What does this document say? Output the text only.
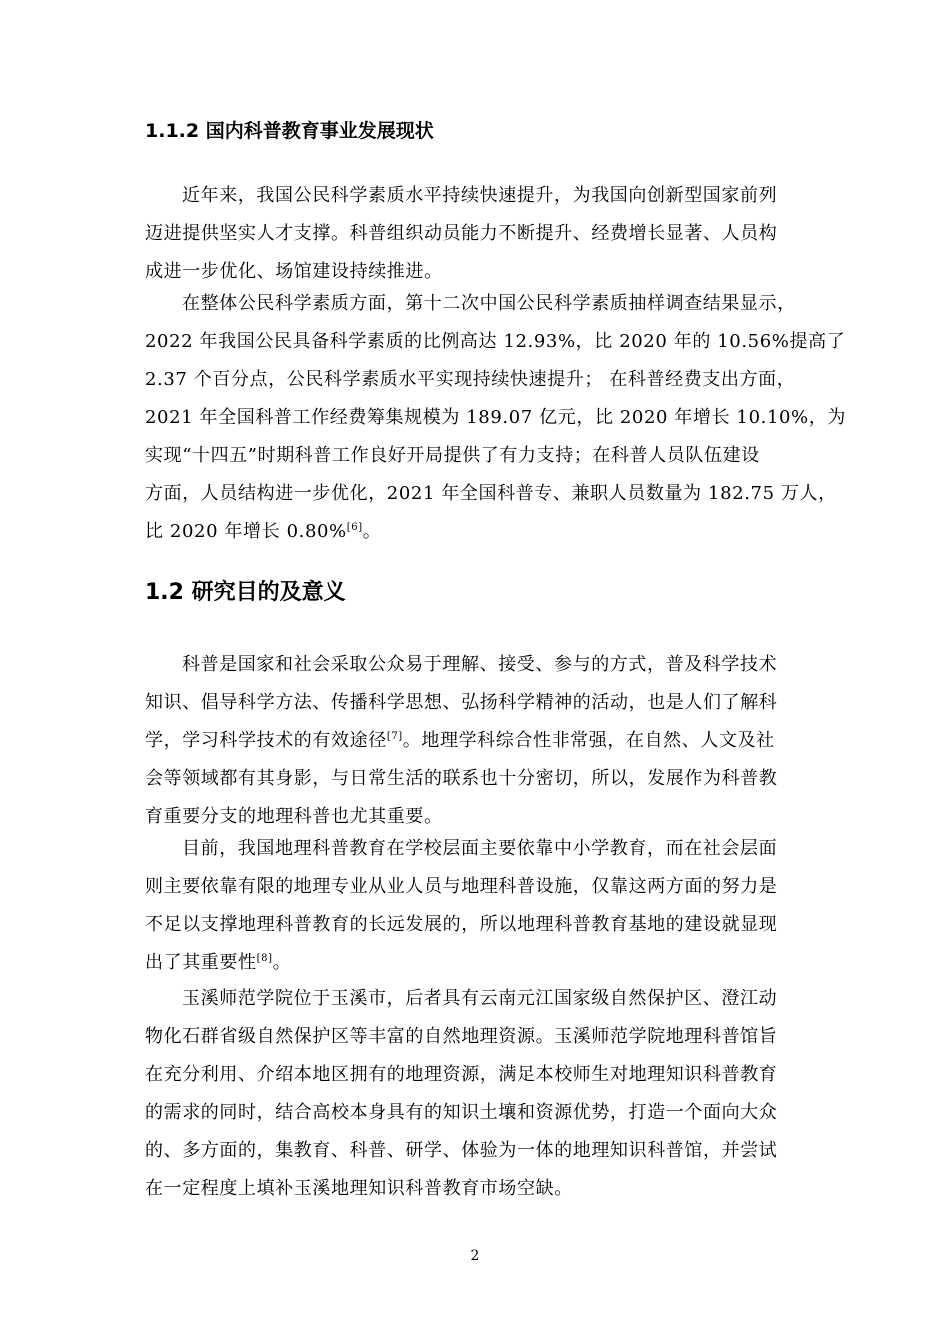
1.1.2 国内科普教育事业发展现状
近年来，我国公民科学素质水平持续快速提升，为我国向创新型国家前列
迈进提供坚实人才支撑。科普组织动员能力不断提升、经费增长显著、人员构
成进一步优化、场馆建设持续推进。
在整体公民科学素质方面，第十二次中国公民科学素质抽样调查结果显示，
2022 年我国公民具备科学素质的比例高达 12.93%，比 2020 年的 10.56%提高了
2.37 个百分点，公民科学素质水平实现持续快速提升； 在科普经费支出方面，
2021 年全国科普工作经费筹集规模为 189.07 亿元，比 2020 年增长 10.10%，为
实现“十四五”时期科普工作良好开局提供了有力支持；在科普人员队伍建设
方面，人员结构进一步优化，2021 年全国科普专、兼职人员数量为 182.75 万人，
比 2020 年增长 0.80%[6]。
1.2 研究目的及意义
科普是国家和社会采取公众易于理解、接受、参与的方式，普及科学技术
知识、倡导科学方法、传播科学思想、弘扬科学精神的活动，也是人们了解科
学，学习科学技术的有效途径[7]。地理学科综合性非常强，在自然、人文及社
会等领域都有其身影，与日常生活的联系也十分密切，所以，发展作为科普教
育重要分支的地理科普也尤其重要。
目前，我国地理科普教育在学校层面主要依靠中小学教育，而在社会层面
则主要依靠有限的地理专业从业人员与地理科普设施，仅靠这两方面的努力是
不足以支撑地理科普教育的长远发展的，所以地理科普教育基地的建设就显现
出了其重要性[8]。
玉溪师范学院位于玉溪市，后者具有云南元江国家级自然保护区、澄江动
物化石群省级自然保护区等丰富的自然地理资源。玉溪师范学院地理科普馆旨
在充分利用、介绍本地区拥有的地理资源，满足本校师生对地理知识科普教育
的需求的同时，结合高校本身具有的知识土壤和资源优势，打造一个面向大众
的、多方面的，集教育、科普、研学、体验为一体的地理知识科普馆，并尝试
在一定程度上填补玉溪地理知识科普教育市场空缺。
2
